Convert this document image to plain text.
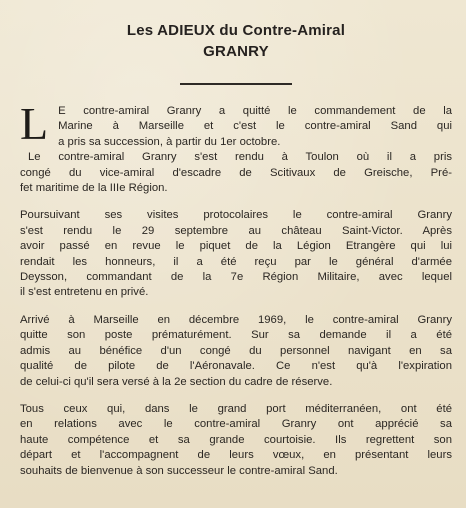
Les ADIEUX du Contre-Amiral
GRANRY
L E contre-amiral Granry a quitté le commandement de la
Marine à Marseille et c'est le contre-amiral Sand qui
a pris sa succession, à partir du 1er octobre.
Le contre-amiral Granry s'est rendu à Toulon où il a pris
congé du vice-amiral d'escadre de Scitivaux de Greische, Pré-
fet maritime de la IIIe Région.
Poursuivant ses visites protocolaires le contre-amiral Granry
s'est rendu le 29 septembre au château Saint-Victor. Après
avoir passé en revue le piquet de la Légion Etrangère qui lui
rendait les honneurs, il a été reçu par le général d'armée
Deysson, commandant de la 7e Région Militaire, avec lequel
il s'est entretenu en privé.
Arrivé à Marseille en décembre 1969, le contre-amiral Granry
quitte son poste prématurément. Sur sa demande il a été
admis au bénéfice d'un congé du personnel navigant en sa
qualité de pilote de l'Aéronavale. Ce n'est qu'à l'expiration
de celui-ci qu'il sera versé à la 2e section du cadre de réserve.
Tous ceux qui, dans le grand port méditerranéen, ont été
en relations avec le contre-amiral Granry ont apprécié sa
haute compétence et sa grande courtoisie. Ils regrettent son
départ et l'accompagnent de leurs vœux, en présentant leurs
souhaits de bienvenue à son successeur le contre-amiral Sand.
